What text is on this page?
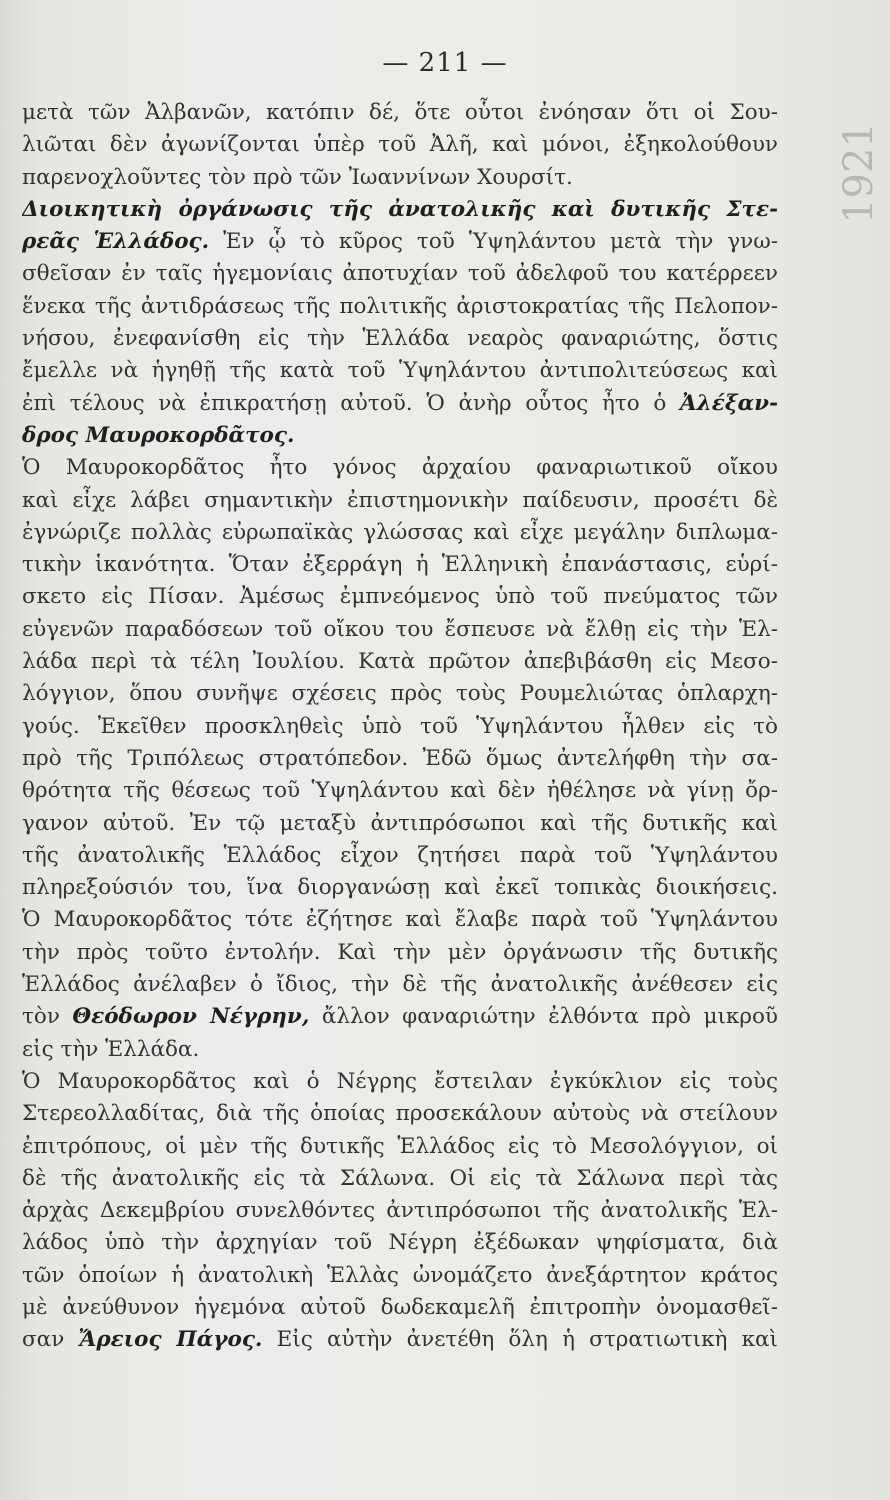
— 211 —
1921
μετὰ τῶν Ἀλβανῶν, κατόπιν δέ, ὅτε οὗτοι ἐνόησαν ὅτι οἱ Σου-
λιῶται δὲν ἀγωνίζονται ὑπὲρ τοῦ Ἀλῆ, καὶ μόνοι, ἐξηκολούθουν
παρενοχλοῦντες τὸν πρὸ τῶν Ἰωαννίνων Χουρσίτ.
Διοικητικὴ ὀργάνωσις τῆς ἀνατολικῆς καὶ δυτικῆς Στε-
ρεᾶς Ἑλλάδος. Ἐν ᾧ τὸ κῦρος τοῦ Ὑψηλάντου μετὰ τὴν γνω-
σθεῖσαν ἐν ταῖς ἡγεμονίαις ἀποτυχίαν τοῦ ἀδελφοῦ του κατέρρεεν
ἕνεκα τῆς ἀντιδράσεως τῆς πολιτικῆς ἀριστοκρατίας τῆς Πελοπον-
νήσου, ἐνεφανίσθη εἰς τὴν Ἑλλάδα νεαρὸς φαναριώτης, ὅστις
ἔμελλε νὰ ἡγηθῇ τῆς κατὰ τοῦ Ὑψηλάντου ἀντιπολιτεύσεως καὶ
ἐπὶ τέλους νὰ ἐπικρατήσῃ αὐτοῦ. Ὁ ἀνὴρ οὗτος ἦτο ὁ Ἀλέξαν-
δρος Μαυροκορδᾶτος.
Ὁ Μαυροκορδᾶτος ἦτο γόνος ἀρχαίου φαναριωτικοῦ οἴκου
καὶ εἶχε λάβει σημαντικὴν ἐπιστημονικὴν παίδευσιν, προσέτι δὲ
ἐγνώριζε πολλὰς εὐρωπαϊκὰς γλώσσας καὶ εἶχε μεγάλην διπλωμα-
τικὴν ἱκανότητα. Ὅταν ἐξερράγη ἡ Ἑλληνικὴ ἐπανάστασις, εὑρί-
σκετο εἰς Πίσαν. Ἀμέσως ἐμπνεόμενος ὑπὸ τοῦ πνεύματος τῶν
εὐγενῶν παραδόσεων τοῦ οἴκου του ἔσπευσε νὰ ἔλθῃ εἰς τὴν Ἑλ-
λάδα περὶ τὰ τέλη Ἰουλίου. Κατὰ πρῶτον ἀπεβιβάσθη εἰς Μεσο-
λόγγιον, ὅπου συνῆψε σχέσεις πρὸς τοὺς Ρουμελιώτας ὁπλαρχη-
γούς. Ἐκεῖθεν προσκληθεὶς ὑπὸ τοῦ Ὑψηλάντου ἦλθεν εἰς τὸ
πρὸ τῆς Τριπόλεως στρατόπεδον. Ἐδῶ ὅμως ἀντελήφθη τὴν σα-
θρότητα τῆς θέσεως τοῦ Ὑψηλάντου καὶ δὲν ἠθέλησε νὰ γίνῃ ὄρ-
γανον αὐτοῦ. Ἐν τῷ μεταξὺ ἀντιπρόσωποι καὶ τῆς δυτικῆς καὶ
τῆς ἀνατολικῆς Ἑλλάδος εἶχον ζητήσει παρὰ τοῦ Ὑψηλάντου
πληρεξούσιόν του, ἵνα διοργανώσῃ καὶ ἐκεῖ τοπικὰς διοικήσεις.
Ὁ Μαυροκορδᾶτος τότε ἐζήτησε καὶ ἔλαβε παρὰ τοῦ Ὑψηλάντου
τὴν πρὸς τοῦτο ἐντολήν. Καὶ τὴν μὲν ὀργάνωσιν τῆς δυτικῆς
Ἑλλάδος ἀνέλαβεν ὁ ἴδιος, τὴν δὲ τῆς ἀνατολικῆς ἀνέθεσεν εἰς
τὸν Θεόδωρον Νέγρην, ἄλλον φαναριώτην ἐλθόντα πρὸ μικροῦ
εἰς τὴν Ἑλλάδα.
Ὁ Μαυροκορδᾶτος καὶ ὁ Νέγρης ἔστειλαν ἐγκύκλιον εἰς τοὺς
Στερεολλαδίτας, διὰ τῆς ὁποίας προσεκάλουν αὐτοὺς νὰ στείλουν
ἐπιτρόπους, οἱ μὲν τῆς δυτικῆς Ἑλλάδος εἰς τὸ Μεσολόγγιον, οἱ
δὲ τῆς ἀνατολικῆς εἰς τὰ Σάλωνα. Οἱ εἰς τὰ Σάλωνα περὶ τὰς
ἀρχὰς Δεκεμβρίου συνελθόντες ἀντιπρόσωποι τῆς ἀνατολικῆς Ἑλ-
λάδος ὑπὸ τὴν ἀρχηγίαν τοῦ Νέγρη ἐξέδωκαν ψηφίσματα, διὰ
τῶν ὁποίων ἡ ἀνατολικὴ Ἑλλὰς ὠνομάζετο ἀνεξάρτητον κράτος
μὲ ἀνεύθυνον ἡγεμόνα αὐτοῦ δωδεκαμελῆ ἐπιτροπὴν ὀνομασθεῖ-
σαν Ἄρειος Πάγος. Εἰς αὐτὴν ἀνετέθη ὅλη ἡ στρατιωτικὴ καὶ
